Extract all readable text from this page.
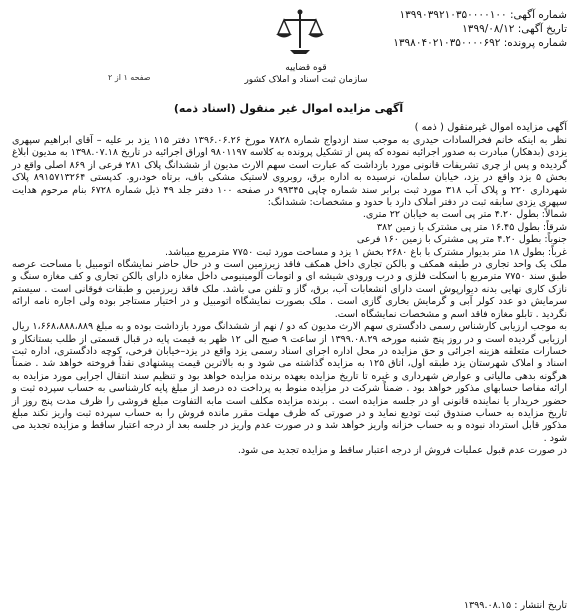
شماره آگهی: ۱۳۹۹۰۳۹۲۱۰۳۵۰۰۰۰۱۰۰
تاریخ آگهی: ۱۳۹۹/۰۸/۱۲
شماره پرونده: ۱۳۹۸۰۴۰۲۱۰۳۵۰۰۰۰۶۹۲
قوه قضاییه
سازمان ثبت اسناد و املاک کشور
صفحه ۱ از ۲
آگهی مزایده اموال غیر منقول (اسناد ذمه)
آگهی مزایده اموال غیرمنقول ( ذمه )

نظر به اینکه خانم فخرالسادات حیدری به موجب سند ازدواج شماره ۷۸۲۸ مورخ ۱۳۹۶.۰۶.۲۶ دفتر ۱۱۵ یزد بر علیه – آقای ابراهیم سپهری یزدی (بدهکار) مبادرت به صدور اجرائیه نموده که پس از تشکیل پرونده به کلاسه ۹۸۰۱۱۹۷ اوراق اجرائیه در تاریخ ۱۳۹۸.۰۷.۱۸ به مدیون ابلاغ گردیده و پس از چری تشریفات قانونی مورد بازداشت که عبارت است سهم الارث مدیون از ششدانگ پلاک ۲۸۱ فرعی از ۸۶۹ اصلی واقع در بخش ۵ یزد واقع در یزد، خیابان سلمان، نرسیده به اداره برق، روبروی لاستیک مشکی باف، برتاه خود،رو. کدپستی ۸۹۱۵۷۱۳۲۶۴ پلاک شهرداری ۲۲۰ و پلاک آب ۳۱۸ مورد ثبت برابر سند شماره چاپی ۹۹۳۴۵ در صفحه ۱۰۰ دفتر جلد ۴۹ ذیل شماره ۶۷۲۸ بنام مرحوم هدایت سپهری یزدی سابقه ثبت در دفتر املاک دارد با حدود و مشخصات: ششدانگ:

شمالاً: بطول ۴.۲۰ متر پی است به خیابان ۲۲ متری.

شرقاً: بطول ۱۶.۴۵ متر پی مشترک با زمین ۳۸۲

جنوباً: بطول ۴.۲۰ متر پی مشترک با زمین ۱۶۰ فرعی

غرباً: بطول ۱۸ متر بدیوار مشترک با باغ ۲۶۸۰ بخش ۱ یزد و مساحت مورد ثبت ۷۷۵۰ مترمربع میباشد.

ملک یک واحد تجاری در طبقه همکف و بالکن تجاری داخل همکف فاقد زیرزمین است و در حال حاضر نمایشگاه اتومبیل با مساحت عرصه طبق سند ۷۷۵۰ مترمربع با اسکلت فلزی و درب ورودی شیشه ای و اتومات آلومینیومی داخل مغازه دارای بالکن تجاری و کف مغازه سنگ و نازک کاری نهایی بدنه دیوارپوش است دارای انشعابات آب، برق، گاز و تلفن می باشد. ملک فاقد زیرزمین و طبقات فوقانی است . سیستم سرمایش دو عدد کولر آبی و گرمایش بخاری گازی است . ملک بصورت نمایشگاه اتومبیل و در اختیار مستاجر بوده ولی اجاره نامه ارائه نگردید . تابلو مغازه فاقد اسم و مشخصات نمایشگاه است.

به موجب ارزیابی کارشناس رسمی دادگستری سهم الارث مدیون که دو / نهم از ششدانگ مورد بازداشت بوده و به مبلغ ۱،۶۶۸،۸۸۸،۸۸۹ ریال ارزیابی گردیده است و در روز پنج شنبه مورخه ۱۳۹۹.۰۸.۲۹ از ساعت ۹ صبح الی ۱۲ ظهر به قیمت پایه در قبال قسمتی از طلب بستانکار و خسارات متعلقه هزینه اجرائی و حق مزایده در محل اداره اجرای اسناد رسمی یزد واقع در یزد–خیابان فرخی، کوچه دادگستری، اداره ثبت اسناد و املاک شهرستان یزد طبقه اول، اتاق ۱۲۵ به مزایده گذاشته می شود و به بالاترین قیمت پیشنهادی نقداً فروخته خواهد شد . ضمناً هرگونه بدهی مالیاتی و عوارض شهرداری و غیره تا تاریخ مزایده بعهده برنده مزایده خواهد بود و تنظیم سند انتقال اجرایی مورد مزایده به ارائه مفاصا حسابهای مذکور خواهد بود . ضمناً شرکت در مزایده منوط به پرداخت ده درصد از مبلغ پایه کارشناسی به حساب سپرده ثبت و حضور خریدار یا نماینده قانونی او در جلسه مزایده است . برنده مزایده مکلف است مابه التفاوت مبلغ فروشی را ظرف مدت پنج روز از تاریخ مزایده به حساب صندوق ثبت تودیع نماید و در صورتی که ظرف مهلت مقرر مانده فروش را به حساب سپرده ثبت واریز نکند مبلغ مذکور قابل استرداد نبوده و به حساب خزانه واریز خواهد شد و در صورت عدم واریز در جلسه بعد از درجه اعتبار ساقط و مزایده تجدید می شود .

در صورت عدم قبول عملیات فروش از درجه اعتبار ساقط و مزایده تجدید می شود.

تاریخ انتشار : ۱۳۹۹.۰۸.۱۵
